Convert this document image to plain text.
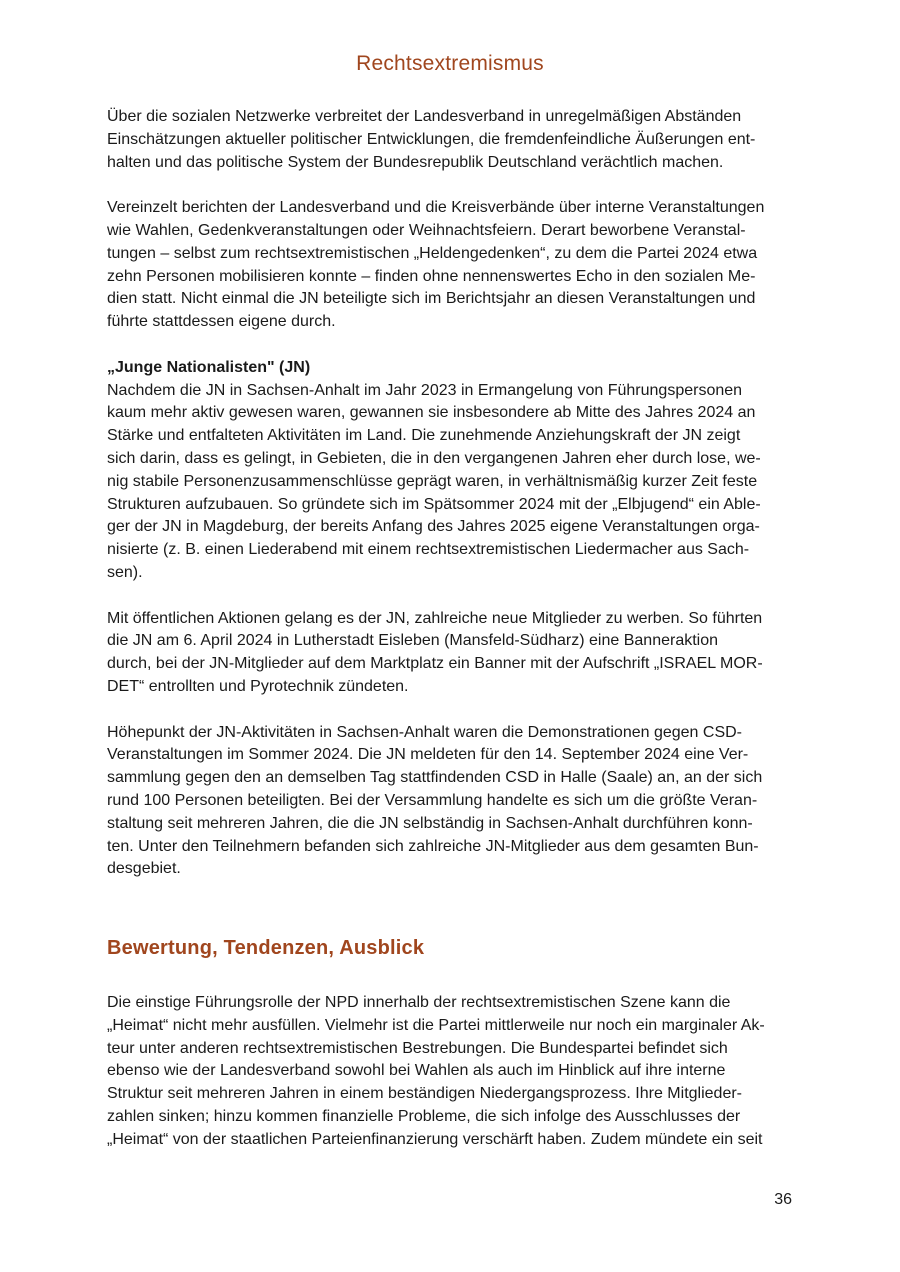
Rechtsextremismus

Über die sozialen Netzwerke verbreitet der Landesverband in unregelmäßigen Abständen
Einschätzungen aktueller politischer Entwicklungen, die fremdenfeindliche Äußerungen ent-
halten und das politische System der Bundesrepublik Deutschland verächtlich machen.

Vereinzelt berichten der Landesverband und die Kreisverbände über interne Veranstaltungen
wie Wahlen, Gedenkveranstaltungen oder Weihnachtsfeiern. Derart beworbene Veranstal-
tungen – selbst zum rechtsextremistischen „Heldengedenken“, zu dem die Partei 2024 etwa
zehn Personen mobilisieren konnte – finden ohne nennenswertes Echo in den sozialen Me-
dien statt. Nicht einmal die JN beteiligte sich im Berichtsjahr an diesen Veranstaltungen und
führte stattdessen eigene durch.

„Junge Nationalisten" (JN)

Nachdem die JN in Sachsen-Anhalt im Jahr 2023 in Ermangelung von Führungspersonen
kaum mehr aktiv gewesen waren, gewannen sie insbesondere ab Mitte des Jahres 2024 an
Stärke und entfalteten Aktivitäten im Land. Die zunehmende Anziehungskraft der JN zeigt
sich darin, dass es gelingt, in Gebieten, die in den vergangenen Jahren eher durch lose, we-
nig stabile Personenzusammenschlüsse geprägt waren, in verhältnismäßig kurzer Zeit feste
Strukturen aufzubauen. So gründete sich im Spätsommer 2024 mit der „Elbjugend“ ein Able-
ger der JN in Magdeburg, der bereits Anfang des Jahres 2025 eigene Veranstaltungen orga-
nisierte (z. B. einen Liederabend mit einem rechtsextremistischen Liedermacher aus Sach-
sen).

Mit öffentlichen Aktionen gelang es der JN, zahlreiche neue Mitglieder zu werben. So führten
die JN am 6. April 2024 in Lutherstadt Eisleben (Mansfeld-Südharz) eine Banneraktion
durch, bei der JN-Mitglieder auf dem Marktplatz ein Banner mit der Aufschrift „ISRAEL MOR-
DET“ entrollten und Pyrotechnik zündeten.

Höhepunkt der JN-Aktivitäten in Sachsen-Anhalt waren die Demonstrationen gegen CSD-
Veranstaltungen im Sommer 2024. Die JN meldeten für den 14. September 2024 eine Ver-
sammlung gegen den an demselben Tag stattfindenden CSD in Halle (Saale) an, an der sich
rund 100 Personen beteiligten. Bei der Versammlung handelte es sich um die größte Veran-
staltung seit mehreren Jahren, die die JN selbständig in Sachsen-Anhalt durchführen konn-
ten. Unter den Teilnehmern befanden sich zahlreiche JN-Mitglieder aus dem gesamten Bun-
desgebiet.

Bewertung, Tendenzen, Ausblick

Die einstige Führungsrolle der NPD innerhalb der rechtsextremistischen Szene kann die
„Heimat“ nicht mehr ausfüllen. Vielmehr ist die Partei mittlerweile nur noch ein marginaler Ak-
teur unter anderen rechtsextremistischen Bestrebungen. Die Bundespartei befindet sich
ebenso wie der Landesverband sowohl bei Wahlen als auch im Hinblick auf ihre interne
Struktur seit mehreren Jahren in einem beständigen Niedergangsprozess. Ihre Mitglieder-
zahlen sinken; hinzu kommen finanzielle Probleme, die sich infolge des Ausschlusses der
„Heimat“ von der staatlichen Parteienfinanzierung verschärft haben. Zudem mündete ein seit

36
